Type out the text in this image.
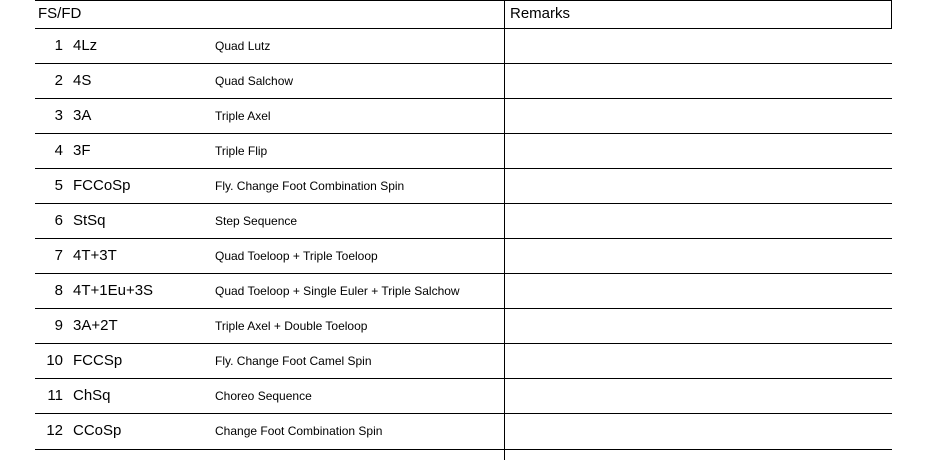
FS/FD	Remarks
1 4Lz	Quad Lutz
2 4S	Quad Salchow
3 3A	Triple Axel
4 3F	Triple Flip
5 FCCoSp	Fly. Change Foot Combination Spin
6 StSq	Step Sequence
7 4T+3T	Quad Toeloop + Triple Toeloop
8 4T+1Eu+3S	Quad Toeloop + Single Euler + Triple Salchow
9 3A+2T	Triple Axel + Double Toeloop
10 FCCSp	Fly. Change Foot Camel Spin
11 ChSq	Choreo Sequence
12 CCoSp	Change Foot Combination Spin
